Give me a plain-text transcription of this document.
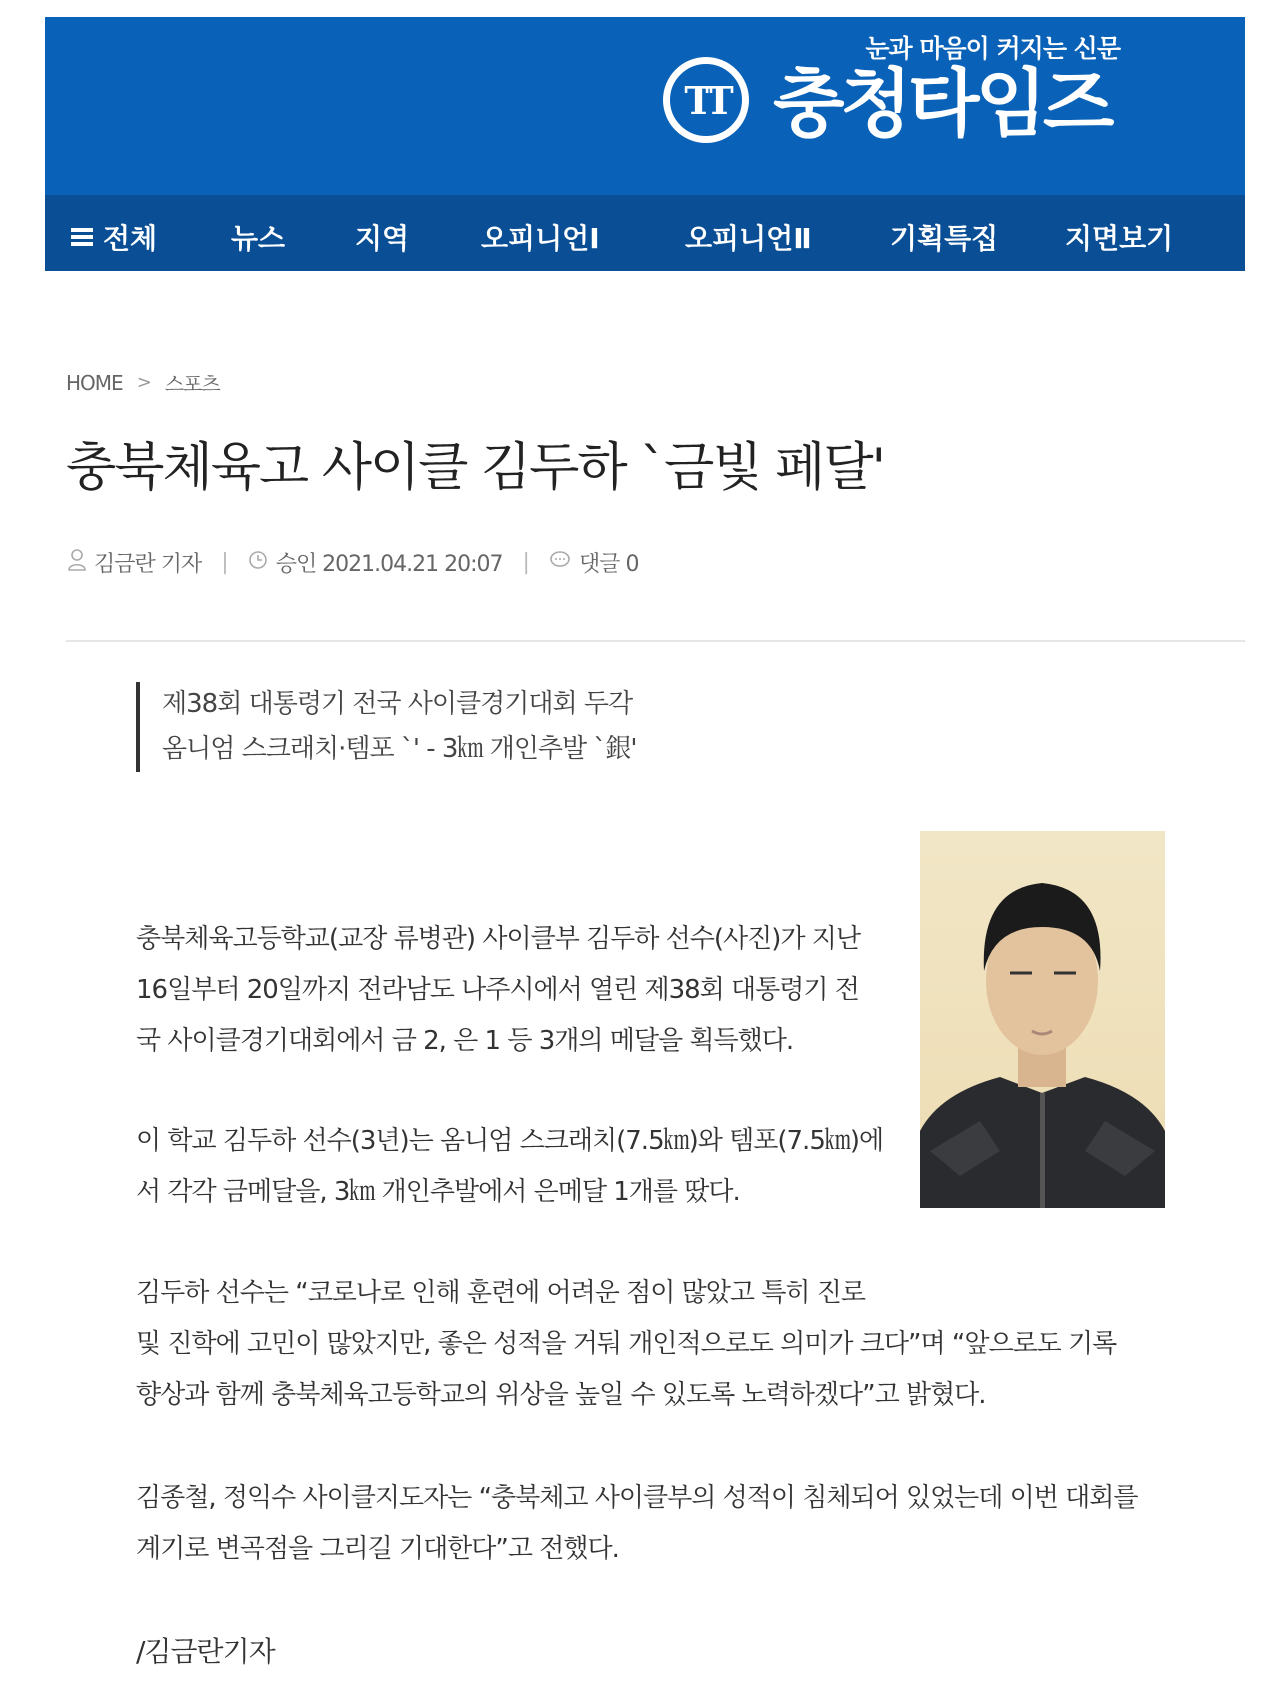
눈과 마음이 커지는 신문
TT 충청타임즈
전체	뉴스 지역	오피니언Ⅰ	오피니언Ⅱ	기획특집 지면보기
HOME > 스포츠
충북체육고 사이클 김두하 `금빛 페달'
김금란 기자 | 승인 2021.04.21 20:07 | 댓글 0
제38회 대통령기 전국 사이클경기대회 두각
옴니엄 스크래치·템포 `' - 3㎞ 개인추발 `銀'
충북체육고등학교(교장 류병관) 사이클부 김두하 선수(사진)가 지난
16일부터 20일까지 전라남도 나주시에서 열린 제38회 대통령기 전
국 사이클경기대회에서 금 2, 은 1 등 3개의 메달을 획득했다.
이 학교 김두하 선수(3년)는 옴니엄 스크래치(7.5㎞)와 템포(7.5㎞)에
서 각각 금메달을, 3㎞ 개인추발에서 은메달 1개를 땄다.
김두하 선수는 “코로나로 인해 훈련에 어려운 점이 많았고 특히 진로
및 진학에 고민이 많았지만, 좋은 성적을 거둬 개인적으로도 의미가 크다”며 “앞으로도 기록
향상과 함께 충북체육고등학교의 위상을 높일 수 있도록 노력하겠다”고 밝혔다.
김종철, 정익수 사이클지도자는 “충북체고 사이클부의 성적이 침체되어 있었는데 이번 대회를
계기로 변곡점을 그리길 기대한다”고 전했다.
/김금란기자
